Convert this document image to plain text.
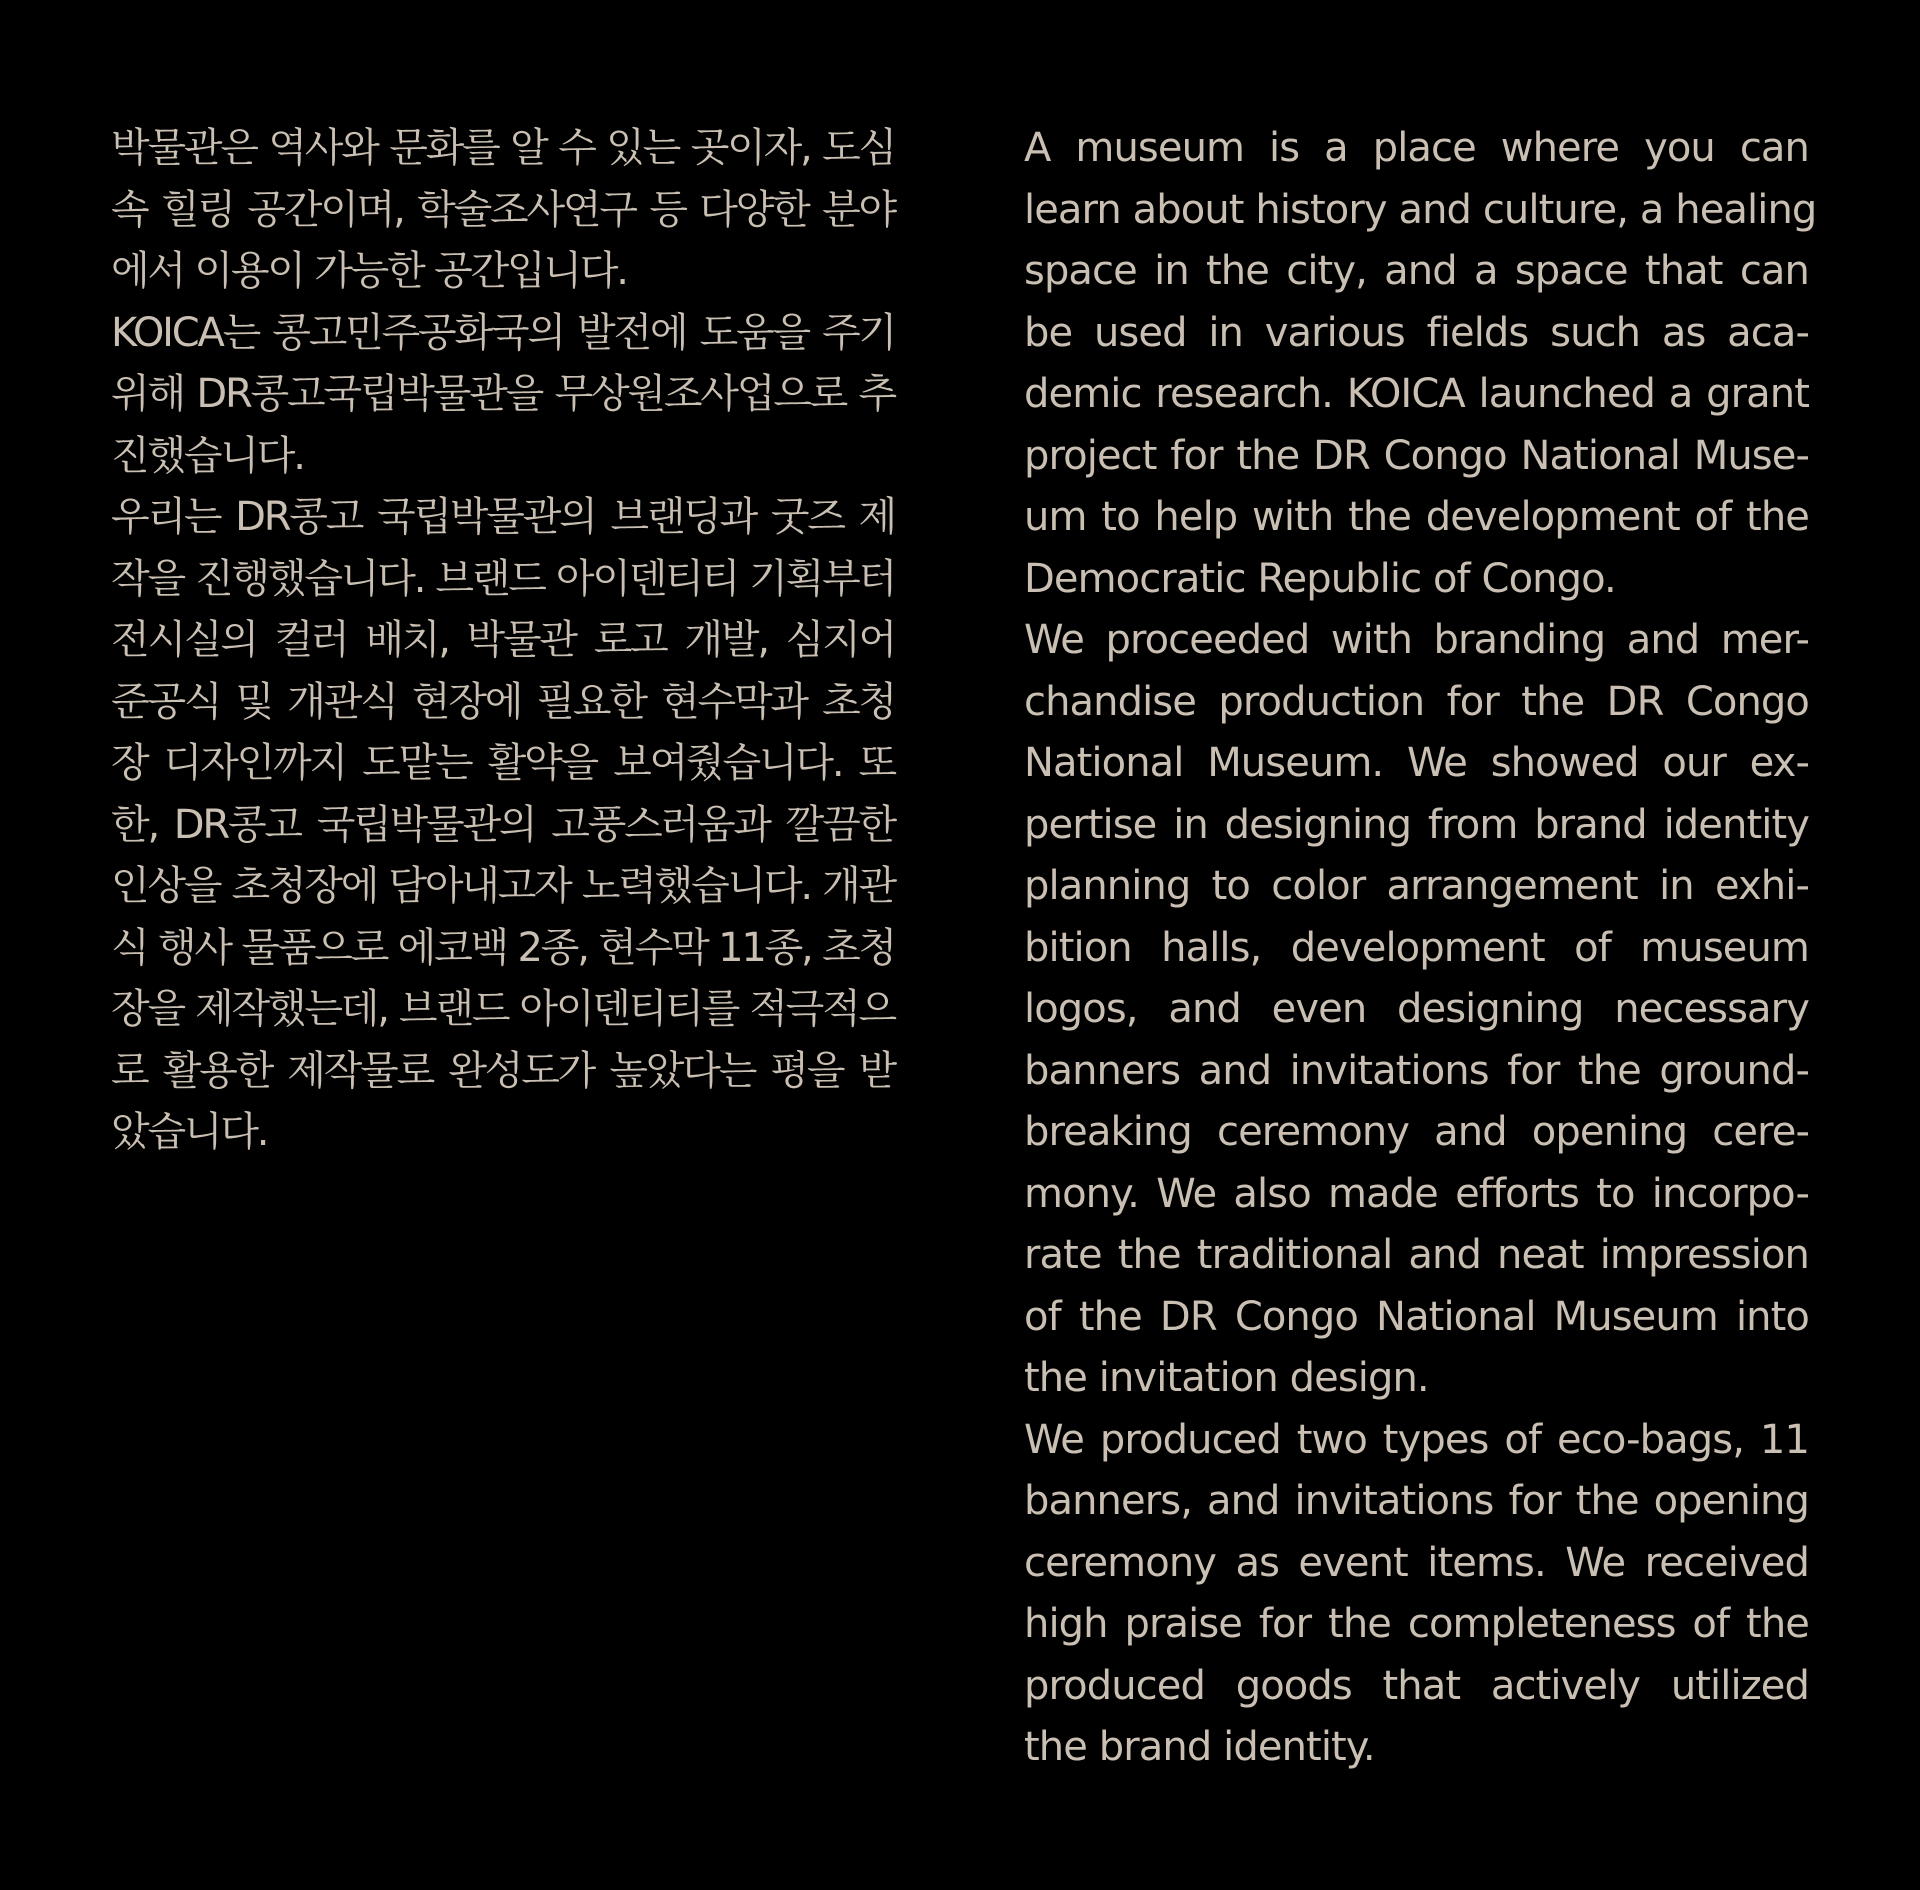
박물관은 역사와 문화를 알 수 있는 곳이자, 도심
속 힐링 공간이며, 학술조사연구 등 다양한 분야
에서 이용이 가능한 공간입니다.

KOICA는 콩고민주공화국의 발전에 도움을 주기
위해 DR콩고국립박물관을 무상원조사업으로 추
진했습니다.

우리는 DR콩고 국립박물관의 브랜딩과 굿즈 제
작을 진행했습니다. 브랜드 아이덴티티 기획부터
전시실의 컬러 배치, 박물관 로고 개발, 심지어
준공식 및 개관식 현장에 필요한 현수막과 초청
장 디자인까지 도맡는 활약을 보여줬습니다. 또
한, DR콩고 국립박물관의 고풍스러움과 깔끔한
인상을 초청장에 담아내고자 노력했습니다. 개관
식 행사 물품으로 에코백 2종, 현수막 11종, 초청
장을 제작했는데, 브랜드 아이덴티티를 적극적으
로 활용한 제작물로 완성도가 높았다는 평을 받
았습니다.

A museum is a place where you can
learn about history and culture, a healing
space in the city, and a space that can
be used in various fields such as aca-
demic research. KOICA launched a grant
project for the DR Congo National Muse-
um to help with the development of the
Democratic Republic of Congo.

We proceeded with branding and mer-
chandise production for the DR Congo
National Museum. We showed our ex-
pertise in designing from brand identity
planning to color arrangement in exhi-
bition halls, development of museum
logos, and even designing necessary
banners and invitations for the ground-
breaking ceremony and opening cere-
mony. We also made efforts to incorpo-
rate the traditional and neat impression
of the DR Congo National Museum into
the invitation design.

We produced two types of eco-bags, 11
banners, and invitations for the opening
ceremony as event items. We received
high praise for the completeness of the
produced goods that actively utilized
the brand identity.
